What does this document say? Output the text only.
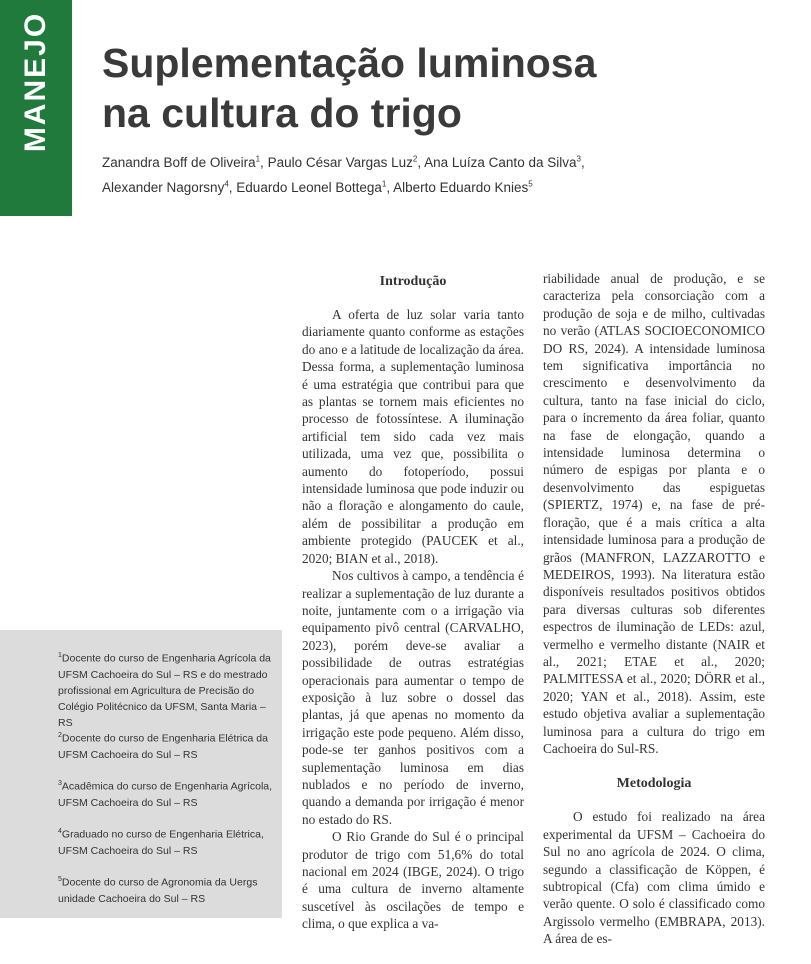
MANEJO Suplementação luminosa
na cultura do trigo
Zanandra Boff de Oliveira$^1$, Paulo César Vargas Luz$^2$, Ana Luíza Canto da Silva$^3$,
Alexander Nagorsny$^4$, Eduardo Leonel Bottega$^1$, Alberto Eduardo Knies$^5$
$^1$Docente do curso de Engenharia Agrícola da UFSM Cachoeira do Sul – RS e do mestrado profissional em Agricultura de Precisão do Colégio Politécnico da UFSM, Santa Maria – RS
$^2$Docente do curso de Engenharia Elétrica da UFSM Cachoeira do Sul – RS
$^3$Acadêmica do curso de Engenharia Agrícola, UFSM Cachoeira do Sul – RS
$^4$Graduado no curso de Engenharia Elétrica, UFSM Cachoeira do Sul – RS
$^5$Docente do curso de Agronomia da Uergs unidade Cachoeira do Sul – RS

Introdução

A oferta de luz solar varia tanto diariamente quanto conforme as estações do ano e a latitude de localização da área. Dessa forma, a suplementação luminosa é uma estratégia que contribui para que as plantas se tornem mais eficientes no processo de fotossíntese. A iluminação artificial tem sido cada vez mais utilizada, uma vez que, possibilita o aumento do fotoperíodo, possui intensidade luminosa que pode induzir ou não a floração e alongamento do caule, além de possibilitar a produção em ambiente protegido (PAUCEK et al., 2020; BIAN et al., 2018).

Nos cultivos à campo, a tendência é realizar a suplementação de luz durante a noite, juntamente com o a irrigação via equipamento pivô central (CARVALHO, 2023), porém deve-se avaliar a possibilidade de outras estratégias operacionais para aumentar o tempo de exposição à luz sobre o dossel das plantas, já que apenas no momento da irrigação este pode pequeno. Além disso, pode-se ter ganhos positivos com a suplementação luminosa em dias nublados e no período de inverno, quando a demanda por irrigação é menor no estado do RS.

O Rio Grande do Sul é o principal produtor de trigo com 51,6% do total nacional em 2024 (IBGE, 2024). O trigo é uma cultura de inverno altamente suscetível às oscilações de tempo e clima, o que explica a va-

riabilidade anual de produção, e se caracteriza pela consorciação com a produção de soja e de milho, cultivadas no verão (ATLAS SOCIOECONOMICO DO RS, 2024). A intensidade luminosa tem significativa importância no crescimento e desenvolvimento da cultura, tanto na fase inicial do ciclo, para o incremento da área foliar, quanto na fase de elongação, quando a intensidade luminosa determina o número de espigas por planta e o desenvolvimento das espiguetas (SPIERTZ, 1974) e, na fase de pré-floração, que é a mais crítica a alta intensidade luminosa para a produção de grãos (MANFRON, LAZZAROTTO e MEDEIROS, 1993). Na literatura estão disponíveis resultados positivos obtidos para diversas culturas sob diferentes espectros de iluminação de LEDs: azul, vermelho e vermelho distante (NAIR et al., 2021; ETAE et al., 2020; PALMITESSA et al., 2020; DÖRR et al., 2020; YAN et al., 2018). Assim, este estudo objetiva avaliar a suplementação luminosa para a cultura do trigo em Cachoeira do Sul-RS.

Metodologia

O estudo foi realizado na área experimental da UFSM – Cachoeira do Sul no ano agrícola de 2024. O clima, segundo a classificação de Köppen, é subtropical (Cfa) com clima úmido e verão quente. O solo é classificado como Argissolo vermelho (EMBRAPA, 2013). A área de es-
